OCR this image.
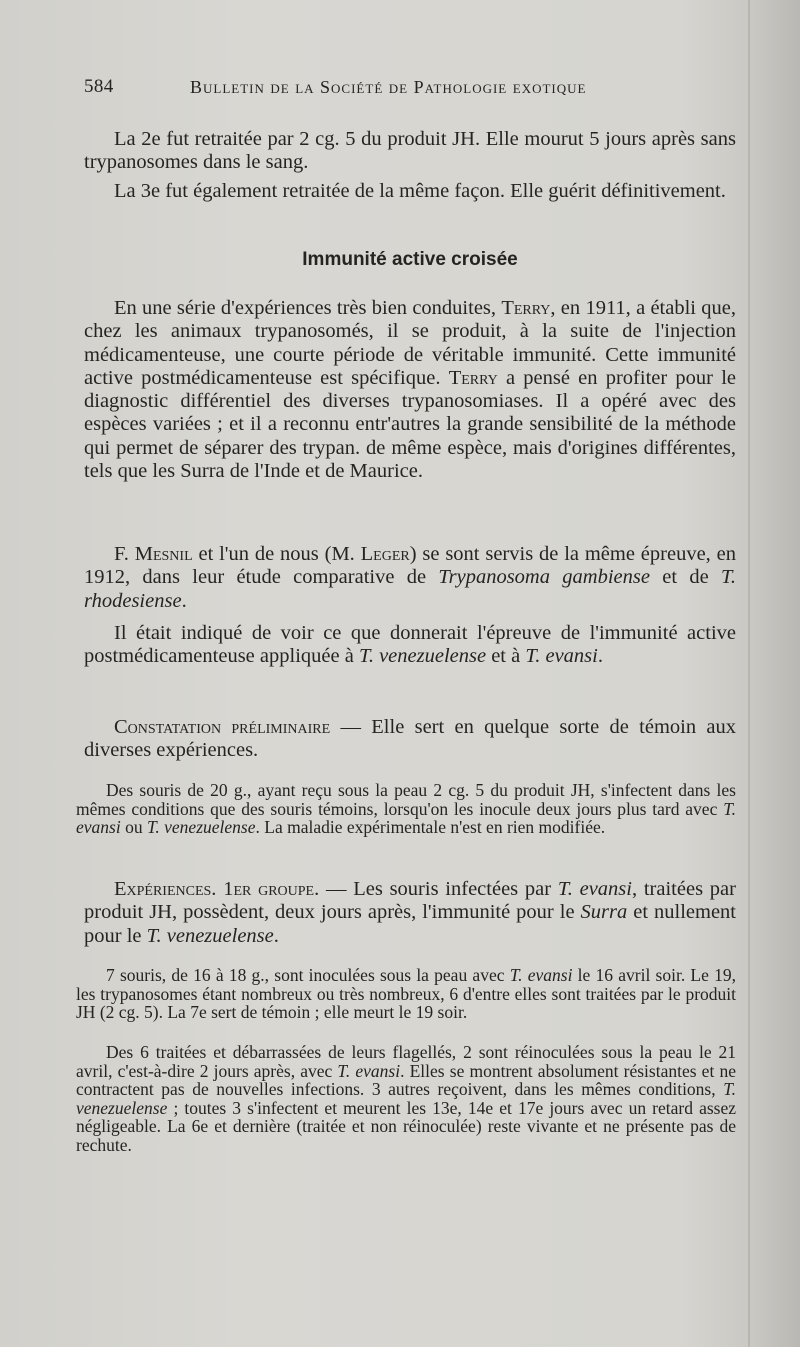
584	Bulletin de la Société de Pathologie exotique

La 2e fut retraitée par 2 cg. 5 du produit JH. Elle mourut 5 jours après sans trypanosomes dans le sang.

La 3e fut également retraitée de la même façon. Elle guérit définitivement.

Immunité active croisée

En une série d'expériences très bien conduites, Terry, en 1911, a établi que, chez les animaux trypanosomés, il se produit, à la suite de l'injection médicamenteuse, une courte période de véritable immunité. Cette immunité active postmédicamenteuse est spécifique. Terry a pensé en profiter pour le diagnostic différentiel des diverses trypanosomiases. Il a opéré avec des espèces variées ; et il a reconnu entr'autres la grande sensibilité de la méthode qui permet de séparer des trypan. de même espèce, mais d'origines différentes, tels que les Surra de l'Inde et de Maurice.

F. Mesnil et l'un de nous (M. Leger) se sont servis de la même épreuve, en 1912, dans leur étude comparative de Trypanosoma gambiense et de T. rhodesiense.

Il était indiqué de voir ce que donnerait l'épreuve de l'immunité active postmédicamenteuse appliquée à T. venezuelense et à T. evansi.

Constatation préliminaire — Elle sert en quelque sorte de témoin aux diverses expériences.

Des souris de 20 g., ayant reçu sous la peau 2 cg. 5 du produit JH, s'infectent dans les mêmes conditions que des souris témoins, lorsqu'on les inocule deux jours plus tard avec T. evansi ou T. venezuelense. La maladie expérimentale n'est en rien modifiée.

Expériences. 1er groupe. — Les souris infectées par T. evansi, traitées par produit JH, possèdent, deux jours après, l'immunité pour le Surra et nullement pour le T. venezuelense.

7 souris, de 16 à 18 g., sont inoculées sous la peau avec T. evansi le 16 avril soir. Le 19, les trypanosomes étant nombreux ou très nombreux, 6 d'entre elles sont traitées par le produit JH (2 cg. 5). La 7e sert de témoin ; elle meurt le 19 soir.

Des 6 traitées et débarrassées de leurs flagellés, 2 sont réinoculées sous la peau le 21 avril, c'est-à-dire 2 jours après, avec T. evansi. Elles se montrent absolument résistantes et ne contractent pas de nouvelles infections. 3 autres reçoivent, dans les mêmes conditions, T. venezuelense ; toutes 3 s'infectent et meurent les 13e, 14e et 17e jours avec un retard assez négligeable. La 6e et dernière (traitée et non réinoculée) reste vivante et ne présente pas de rechute.
